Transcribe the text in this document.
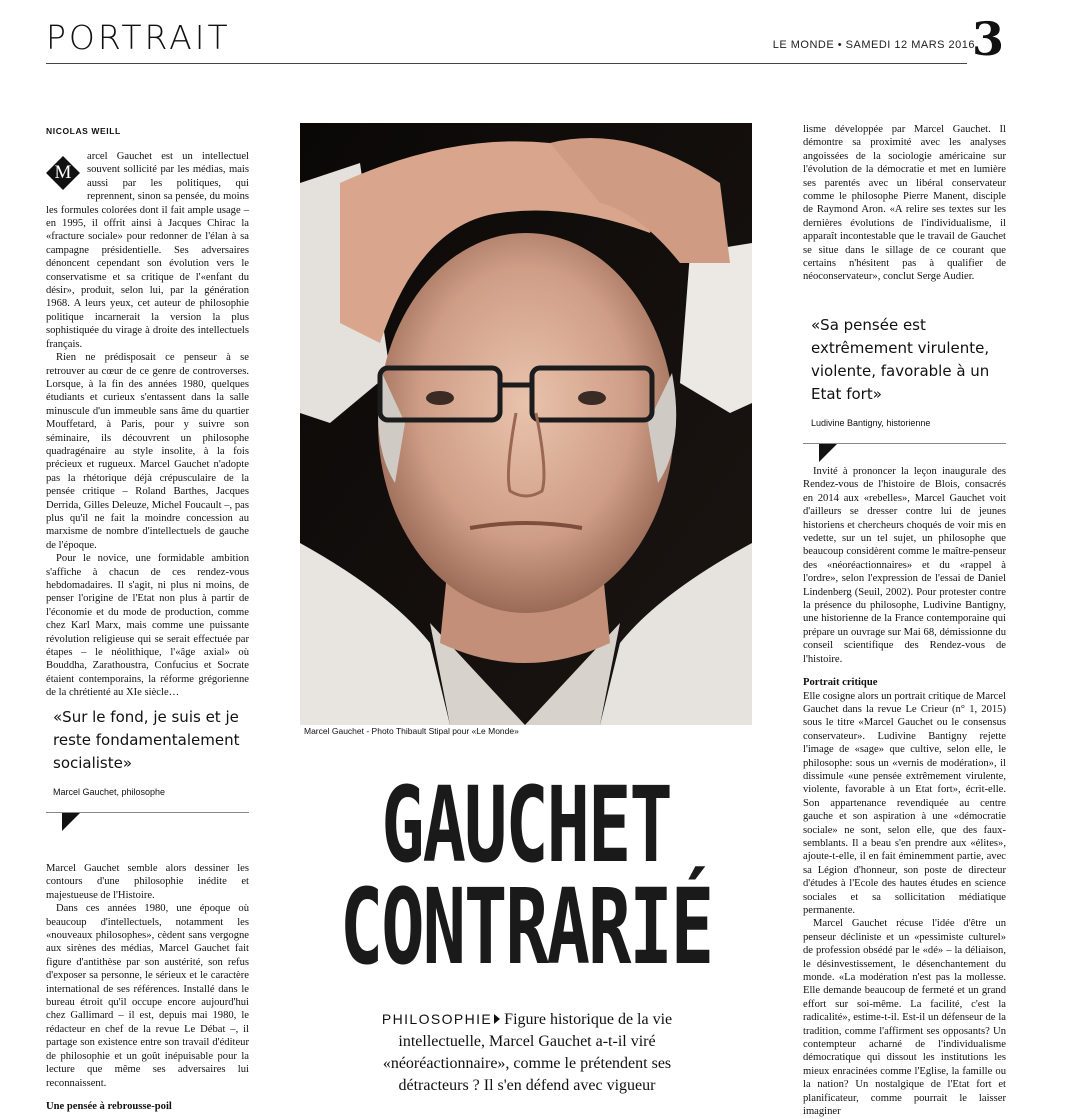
PORTRAIT	LE MONDE • SAMEDI 12 MARS 2016
3
NICOLAS WEILL

M
arcel Gauchet est un intellectuel souvent sollicité par les médias, mais aussi par les politiques, qui reprennent, sinon sa pensée, du moins les formules colorées dont il fait ample usage – en 1995, il offrit ainsi à Jacques Chirac la «fracture sociale» pour redonner de l'élan à sa campagne présidentielle. Ses adversaires dénoncent cependant son évolution vers le conservatisme et sa critique de l'«enfant du désir», produit, selon lui, par la génération 1968. A leurs yeux, cet auteur de philosophie politique incarnerait la version la plus sophistiquée du virage à droite des intellectuels français.

Rien ne prédisposait ce penseur à se retrouver au cœur de ce genre de controverses. Lorsque, à la fin des années 1980, quelques étudiants et curieux s'entassent dans la salle minuscule d'un immeuble sans âme du quartier Mouffetard, à Paris, pour y suivre son séminaire, ils découvrent un philosophe quadragénaire au style insolite, à la fois précieux et rugueux. Marcel Gauchet n'adopte pas la rhétorique déjà crépusculaire de la pensée critique – Roland Barthes, Jacques Derrida, Gilles Deleuze, Michel Foucault –, pas plus qu'il ne fait la moindre concession au marxisme de nombre d'intellectuels de gauche de l'époque.

Pour le novice, une formidable ambition s'affiche à chacun de ces rendez-vous hebdomadaires. Il s'agit, ni plus ni moins, de penser l'origine de l'Etat non plus à partir de l'économie et du mode de production, comme chez Karl Marx, mais comme une puissante révolution religieuse qui se serait effectuée par étapes – le néolithique, l'«âge axial» où Bouddha, Zarathoustra, Confucius et Socrate étaient contemporains, la réforme grégorienne de la chrétienté au XIe siècle…

«Sur le fond, je suis et je reste fondamentalement socialiste»
Marcel Gauchet, philosophe

Marcel Gauchet semble alors dessiner les contours d'une philosophie inédite et majestueuse de l'Histoire.

Dans ces années 1980, une époque où beaucoup d'intellectuels, notamment les «nouveaux philosophes», cèdent sans vergogne aux sirènes des médias, Marcel Gauchet fait figure d'antithèse par son austérité, son refus d'exposer sa personne, le sérieux et le caractère international de ses références. Installé dans le bureau étroit qu'il occupe encore aujourd'hui chez Gallimard – il est, depuis mai 1980, le rédacteur en chef de la revue Le Débat –, il partage son existence entre son travail d'éditeur de philosophie et un goût inépuisable pour la lecture que même ses adversaires lui reconnaissent.

Une pensée à rebrousse-poil

Marcel Gauchet - Photo Thibault Stipal pour «Le Monde»
GAUCHET
CONTRARIÉ
PHILOSOPHIE Figure historique de la vie intellectuelle, Marcel Gauchet a-t-il viré «néoréactionnaire», comme le prétendent ses détracteurs ? Il s'en défend avec vigueur

lisme développée par Marcel Gauchet. Il démontre sa proximité avec les analyses angoissées de la sociologie américaine sur l'évolution de la démocratie et met en lumière ses parentés avec un libéral conservateur comme le philosophe Pierre Manent, disciple de Raymond Aron. «A relire ses textes sur les dernières évolutions de l'individualisme, il apparaît incontestable que le travail de Gauchet se situe dans le sillage de ce courant que certains n'hésitent pas à qualifier de néoconservateur», conclut Serge Audier.

«Sa pensée est extrêmement virulente, violente, favorable à un Etat fort»
Ludivine Bantigny, historienne

Invité à prononcer la leçon inaugurale des Rendez-vous de l'histoire de Blois, consacrés en 2014 aux «rebelles», Marcel Gauchet voit d'ailleurs se dresser contre lui de jeunes historiens et chercheurs choqués de voir mis en vedette, sur un tel sujet, un philosophe que beaucoup considèrent comme le maître-penseur des «néoréactionnaires» et du «rappel à l'ordre», selon l'expression de l'essai de Daniel Lindenberg (Seuil, 2002). Pour protester contre la présence du philosophe, Ludivine Bantigny, une historienne de la France contemporaine qui prépare un ouvrage sur Mai 68, démissionne du conseil scientifique des Rendez-vous de l'histoire.

Portrait critique

Elle cosigne alors un portrait critique de Marcel Gauchet dans la revue Le Crieur (n° 1, 2015) sous le titre «Marcel Gauchet ou le consensus conservateur». Ludivine Bantigny rejette l'image de «sage» que cultive, selon elle, le philosophe: sous un «vernis de modération», il dissimule «une pensée extrêmement virulente, violente, favorable à un Etat fort», écrit-elle. Son appartenance revendiquée au centre gauche et son aspiration à une «démocratie sociale» ne sont, selon elle, que des faux-semblants. Il a beau s'en prendre aux «élites», ajoute-t-elle, il en fait éminemment partie, avec sa Légion d'honneur, son poste de directeur d'études à l'Ecole des hautes études en science sociales et sa sollicitation médiatique permanente.

Marcel Gauchet récuse l'idée d'être un penseur décliniste et un «pessimiste culturel» de profession obsédé par le «dé» – la déliaison, le désinvestissement, le désenchantement du monde. «La modération n'est pas la mollesse. Elle demande beaucoup de fermeté et un grand effort sur soi-même. La facilité, c'est la radicalité», estime-t-il. Est-il un défenseur de la tradition, comme l'affirment ses opposants? Un contempteur acharné de l'individualisme démocratique qui dissout les institutions les mieux enracinées comme l'Eglise, la famille ou la nation? Un nostalgique de l'Etat fort et planificateur, comme pourrait le laisser imaginer
